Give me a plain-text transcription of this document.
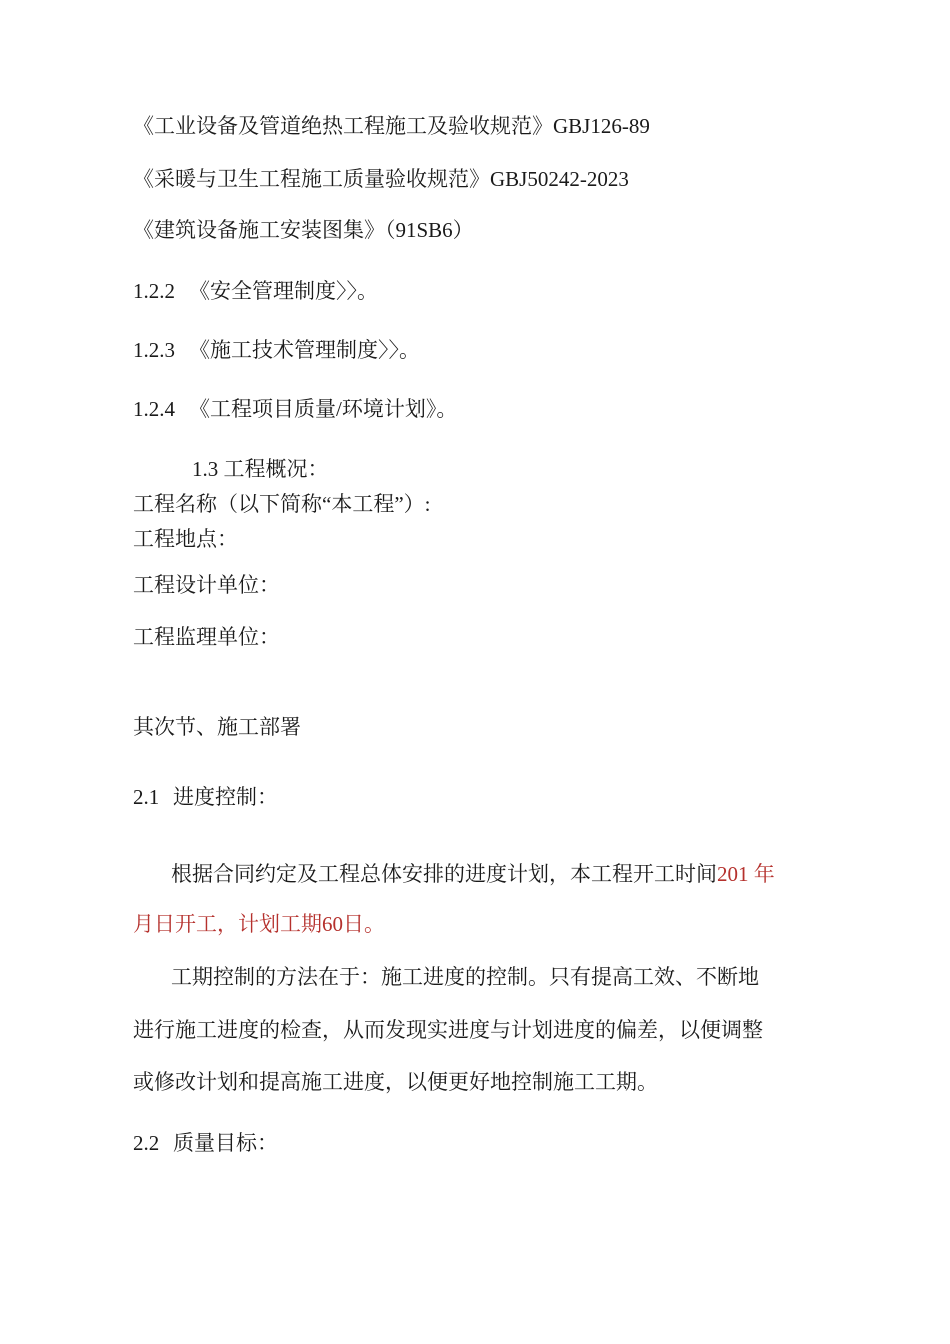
《工业设备及管道绝热工程施工及验收规范》GBJ126-89
《采暖与卫生工程施工质量验收规范》GBJ50242-2023
《建筑设备施工安装图集》（91SB6）
1.2.2 《安全管理制度〉〉。
1.2.3 《施工技术管理制度〉〉。
1.2.4 《工程项目质量/环境计划》。
1.3 工程概况：
工程名称（以下简称“本工程”）:
工程地点：
工程设计单位：
工程监理单位：
其次节、施工部署
2.1 进度控制：
根据合同约定及工程总体安排的进度计划，本工程开工时间201 年
月日开工，计划工期60日。
工期控制的方法在于：施工进度的控制。只有提高工效、不断地
进行施工进度的检查，从而发现实进度与计划进度的偏差，以便调整
或修改计划和提高施工进度，以便更好地控制施工工期。
2.2 质量目标：
